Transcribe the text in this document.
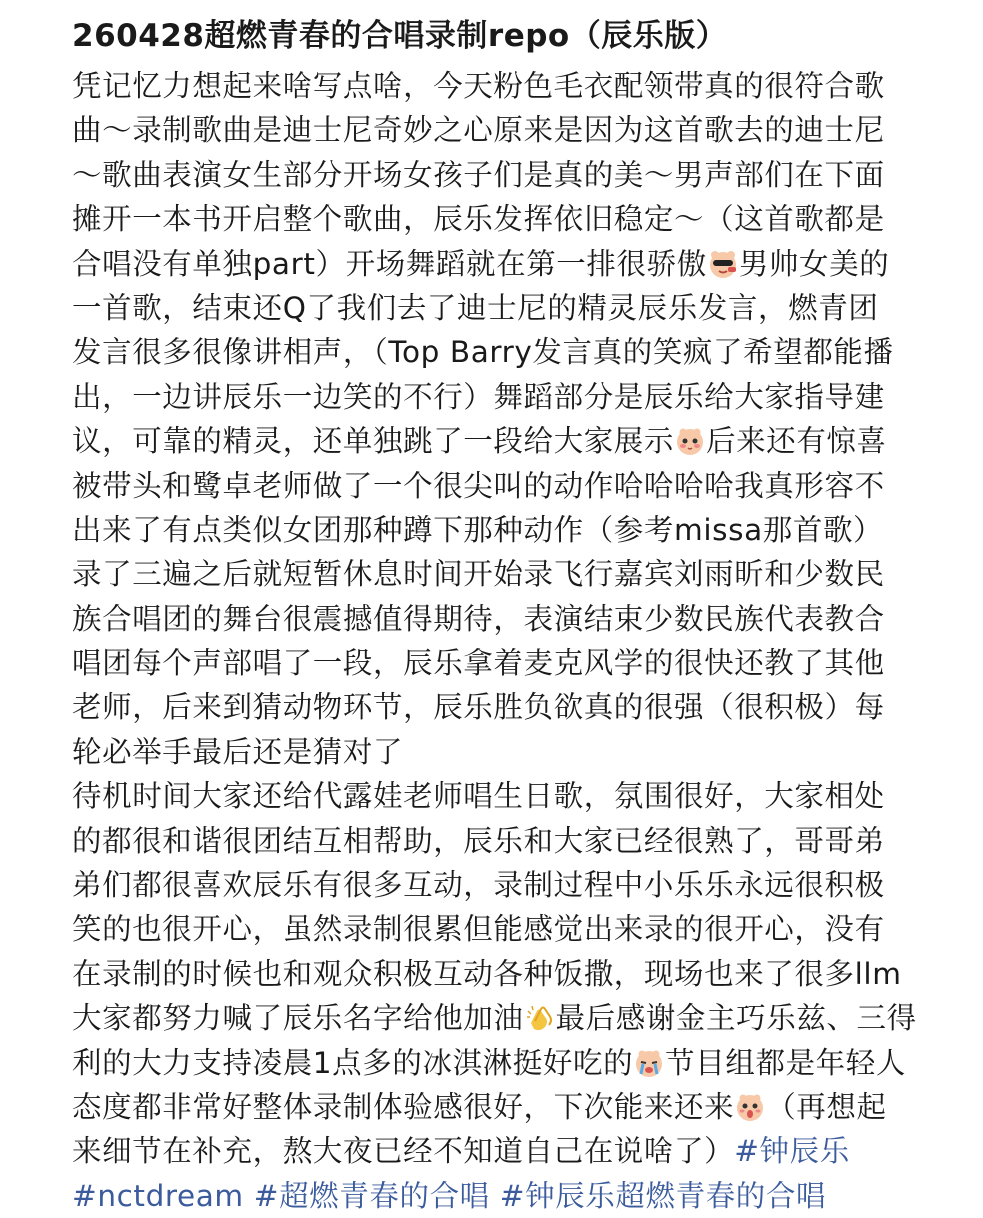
260428超燃青春的合唱录制repo（辰乐版）
凭记忆力想起来啥写点啥，今天粉色毛衣配领带真的很符合歌
曲～录制歌曲是迪士尼奇妙之心原来是因为这首歌去的迪士尼
～歌曲表演女生部分开场女孩子们是真的美～男声部们在下面
摊开一本书开启整个歌曲，辰乐发挥依旧稳定～（这首歌都是
合唱没有单独part）开场舞蹈就在第一排很骄傲 男帅女美的
一首歌，结束还Q了我们去了迪士尼的精灵辰乐发言，燃青团
发言很多很像讲相声，（Top Barry发言真的笑疯了希望都能播
出，一边讲辰乐一边笑的不行）舞蹈部分是辰乐给大家指导建
议，可靠的精灵，还单独跳了一段给大家展示 后来还有惊喜
被带头和鹭卓老师做了一个很尖叫的动作哈哈哈哈我真形容不
出来了有点类似女团那种蹲下那种动作（参考missa那首歌）
录了三遍之后就短暂休息时间开始录飞行嘉宾刘雨昕和少数民
族合唱团的舞台很震撼值得期待，表演结束少数民族代表教合
唱团每个声部唱了一段，辰乐拿着麦克风学的很快还教了其他
老师，后来到猜动物环节，辰乐胜负欲真的很强（很积极）每
轮必举手最后还是猜对了
待机时间大家还给代露娃老师唱生日歌，氛围很好，大家相处
的都很和谐很团结互相帮助，辰乐和大家已经很熟了，哥哥弟
弟们都很喜欢辰乐有很多互动，录制过程中小乐乐永远很积极
笑的也很开心，虽然录制很累但能感觉出来录的很开心，没有
在录制的时候也和观众积极互动各种饭撒，现场也来了很多llm
大家都努力喊了辰乐名字给他加油 最后感谢金主巧乐兹、三得
利的大力支持凌晨1点多的冰淇淋挺好吃的 节目组都是年轻人
态度都非常好整体录制体验感很好，下次能来还来 （再想起
来细节在补充，熬大夜已经不知道自己在说啥了）#钟辰乐
#nctdream #超燃青春的合唱 #钟辰乐超燃青春的合唱
